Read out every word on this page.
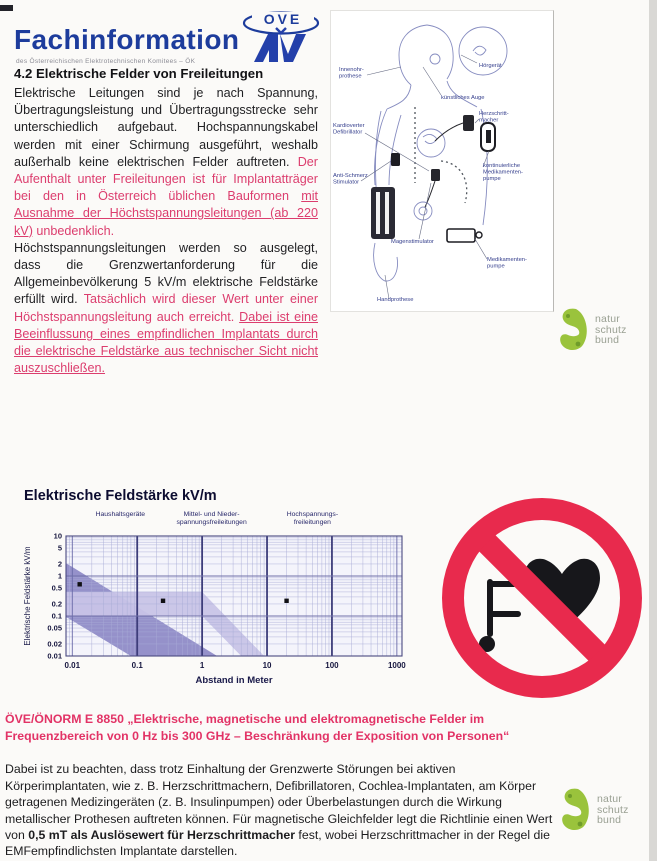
Fachinformation
des Österreichischen Elektrotechnischen Komitees – ÖK
OVE

4.2 Elektrische Felder von Freileitungen

Elektrische Leitungen sind je nach Spannung, Übertragungsleistung und Übertragungsstrecke sehr unterschiedlich aufgebaut. Hochspannungskabel werden mit einer Schirmung ausgeführt, weshalb außerhalb keine elektrischen Felder auftreten. Der Aufenthalt unter Freileitungen ist für Implantatträger bei den in Österreich üblichen Bauformen mit Ausnahme der Höchstspannungsleitungen (ab 220 kV) unbedenklich.

Höchstspannungsleitungen werden so ausgelegt, dass die Grenzwertanforderung für die Allgemeinbevölkerung 5 kV/m elektrische Feldstärke erfüllt wird. Tatsächlich wird dieser Wert unter einer Höchstspannungsleitung auch erreicht. Dabei ist eine Beeinflussung eines empfindlichen Implantats durch die elektrische Feldstärke aus technischer Sicht nicht auszuschließen.

Innenohr-prothese
Hörgerät
künstliches Auge
Herzschritt-macher
Kardioverter Defibrillator
Anti-Schmerz Stimulator
kontinuierliche Medikamenten-pumpe
Magenstimulator
Medikamenten-pumpe
Handprothese
natur
schutz
bund
Elektrische Feldstärke kV/m
10
5
2
1
0.5
0.2
0.1
0.05
0.02
0.01
0.01	0.1	1	10	100	1000
Haushaltsgeräte	Mittel- und Nieder-
spannungsfreileitungen
Hochspannungs-
freileitungen
Abstand in Meter
Elektrische Feldstärke kV/m
ÖVE/ÖNORM E 8850 „Elektrische, magnetische und elektromagnetische Felder im
Frequenzbereich von 0 Hz bis 300 GHz – Beschränkung der Exposition von Personen“

Dabei ist zu beachten, dass trotz Einhaltung der Grenzwerte Störungen bei aktiven Körperimplantaten, wie z. B. Herzschrittmachern, Defibrillatoren, Cochlea-Implantaten, am Körper getragenen Medizingeräten (z. B. Insulinpumpen) oder Überbelastungen durch die Wirkung metallischer Prothesen auftreten können. Für magnetische Gleichfelder legt die Richtlinie einen Wert von 0,5 mT als Auslösewert für Herzschrittmacher fest, wobei Herzschrittmacher in der Regel die EMFempfindlichsten Implantate darstellen.

natur
schutz
bund
